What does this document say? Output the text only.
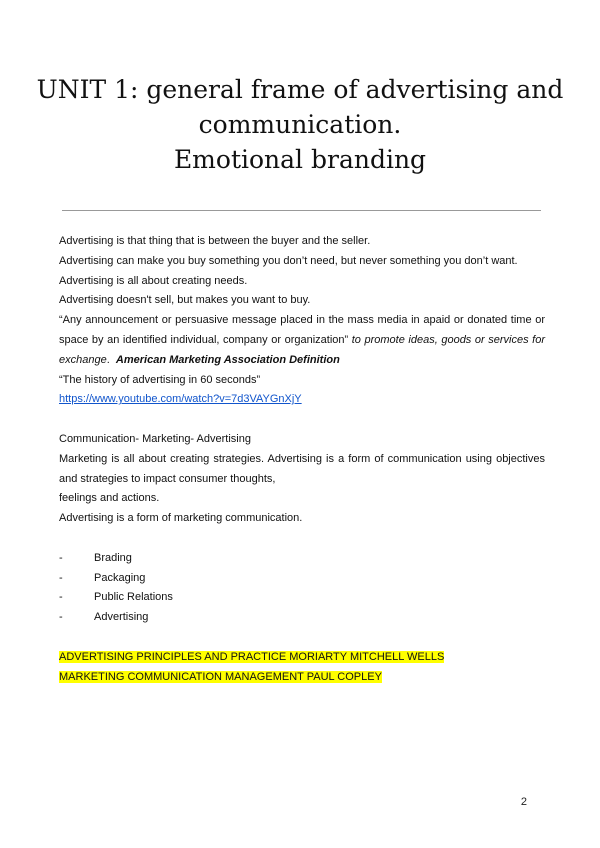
UNIT 1: general frame of advertising and
communication.
Emotional branding

Advertising is that thing that is between the buyer and the seller.

Advertising can make you buy something you don’t need, but never something you don’t want.

Advertising is all about creating needs.

Advertising doesn't sell, but makes you want to buy.

“Any announcement or persuasive message placed in the mass media in apaid or donated time or space by an identified individual, company or organization” to promote ideas, goods or services for exchange. American Marketing Association Definition

“The history of advertising in 60 seconds”

https://www.youtube.com/watch?v=7d3VAYGnXjY

Communication- Marketing- Advertising

Marketing is all about creating strategies. Advertising is a form of communication using objectives and strategies to impact consumer thoughts,

feelings and actions.

Advertising is a form of marketing communication.

-	Brading
-	Packaging
-	Public Relations
-	Advertising

ADVERTISING PRINCIPLES AND PRACTICE MORIARTY MITCHELL WELLS

MARKETING COMMUNICATION MANAGEMENT PAUL COPLEY

2
